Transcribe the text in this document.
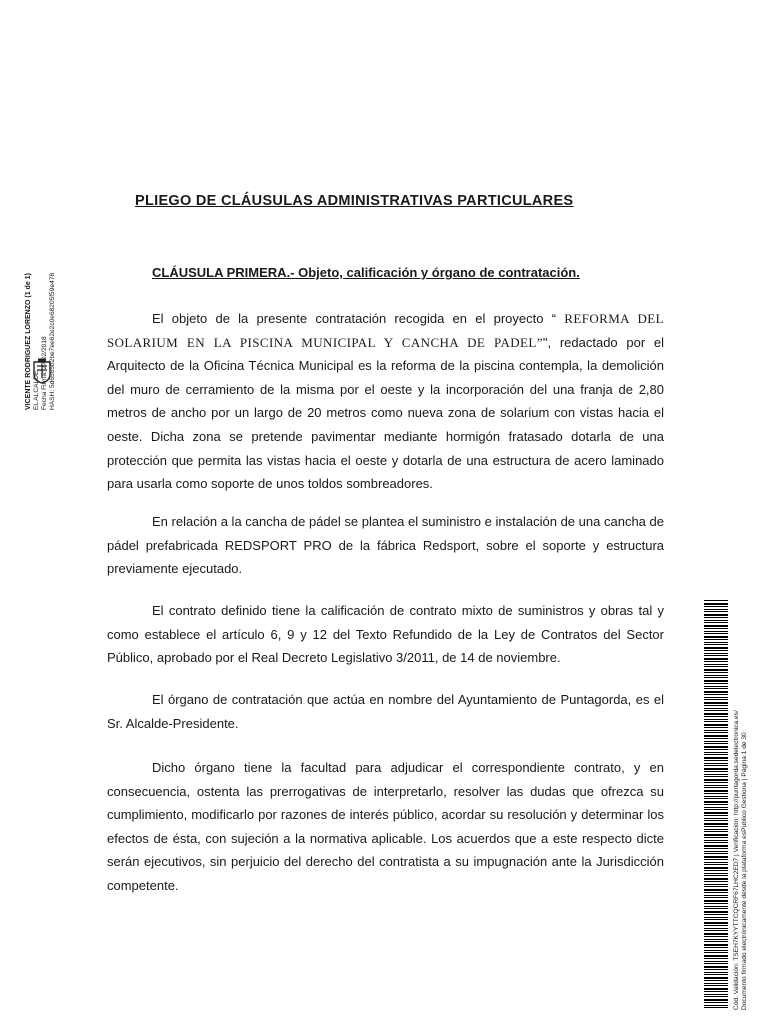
VICENTE RODRIGUEZ LORENZO (1 de 1) EL ALCALDE Fecha Firma: 27/02/2018 HASH: 5d6565b2be7ee62e2c0e68205f59e478
PLIEGO DE CLÁUSULAS ADMINISTRATIVAS PARTICULARES
CLÁUSULA PRIMERA.- Objeto, calificación y órgano de contratación.

El objeto de la presente contratación recogida en el proyecto “ REFORMA DEL SOLARIUM EN LA PISCINA MUNICIPAL Y CANCHA DE PADEL”", redactado por el Arquitecto de la Oficina Técnica Municipal es la reforma de la piscina contempla, la demolición del muro de cerramiento de la misma por el oeste y la incorporación del una franja de 2,80 metros de ancho por un largo de 20 metros como nueva zona de solarium con vistas hacia el oeste. Dicha zona se pretende pavimentar mediante hormigón fratasado dotarla de una protección que permita las vistas hacia el oeste y dotarla de una estructura de acero laminado para usarla como soporte de unos toldos sombreadores.

En relación a la cancha de pádel se plantea el suministro e instalación de una cancha de pádel prefabricada REDSPORT PRO de la fábrica Redsport, sobre el soporte y estructura previamente ejecutado.

El contrato definido tiene la calificación de contrato mixto de suministros y obras tal y como establece el artículo 6, 9 y 12 del Texto Refundido de la Ley de Contratos del Sector Público, aprobado por el Real Decreto Legislativo 3/2011, de 14 de noviembre.

El órgano de contratación que actúa en nombre del Ayuntamiento de Puntagorda, es el Sr. Alcalde-Presidente.

Dicho órgano tiene la facultad para adjudicar el correspondiente contrato, y en consecuencia, ostenta las prerrogativas de interpretarlo, resolver las dudas que ofrezca su cumplimiento, modificarlo por razones de interés público, acordar su resolución y determinar los efectos de ésta, con sujeción a la normativa aplicable. Los acuerdos que a este respecto dicte serán ejecutivos, sin perjuicio del derecho del contratista a su impugnación ante la Jurisdicción competente.	Cód. Validación: TSEH7KYYTTCQCRF67LHC2ED7 | Verificación: http://puntagorda.sedelectronica.es/ Documento firmado electrónicamente desde la plataforma esPublico Gestiona | Página 1 de 30
